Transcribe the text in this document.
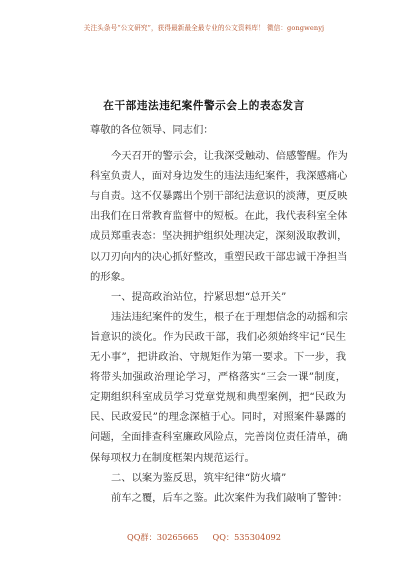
关注头条号“公文研究”，获得最新最全最专业的公文资料库！ 微信：gongwenyj
在干部违法违纪案件警示会上的表态发言
尊敬的各位领导、同志们：
今天召开的警示会，让我深受触动、倍感警醒。作为
科室负责人，面对身边发生的违法违纪案件，我深感痛心
与自责。这不仅暴露出个别干部纪法意识的淡薄，更反映
出我们在日常教育监督中的短板。在此，我代表科室全体
成员郑重表态：坚决拥护组织处理决定，深刻汲取教训，
以刀刃向内的决心抓好整改，重塑民政干部忠诚干净担当
的形象。
一、提高政治站位，拧紧思想“总开关”
违法违纪案件的发生，根子在于理想信念的动摇和宗
旨意识的淡化。作为民政干部，我们必须始终牢记“民生
无小事”，把讲政治、守规矩作为第一要求。下一步，我
将带头加强政治理论学习，严格落实“三会一课”制度，
定期组织科室成员学习党章党规和典型案例，把“民政为
民、民政爱民”的理念深植于心。同时，对照案件暴露的
问题，全面排查科室廉政风险点，完善岗位责任清单，确
保每项权力在制度框架内规范运行。
二、以案为鉴反思，筑牢纪律“防火墙”
前车之覆，后车之鉴。此次案件为我们敲响了警钟：
QQ群：30265665 QQ：535304092
